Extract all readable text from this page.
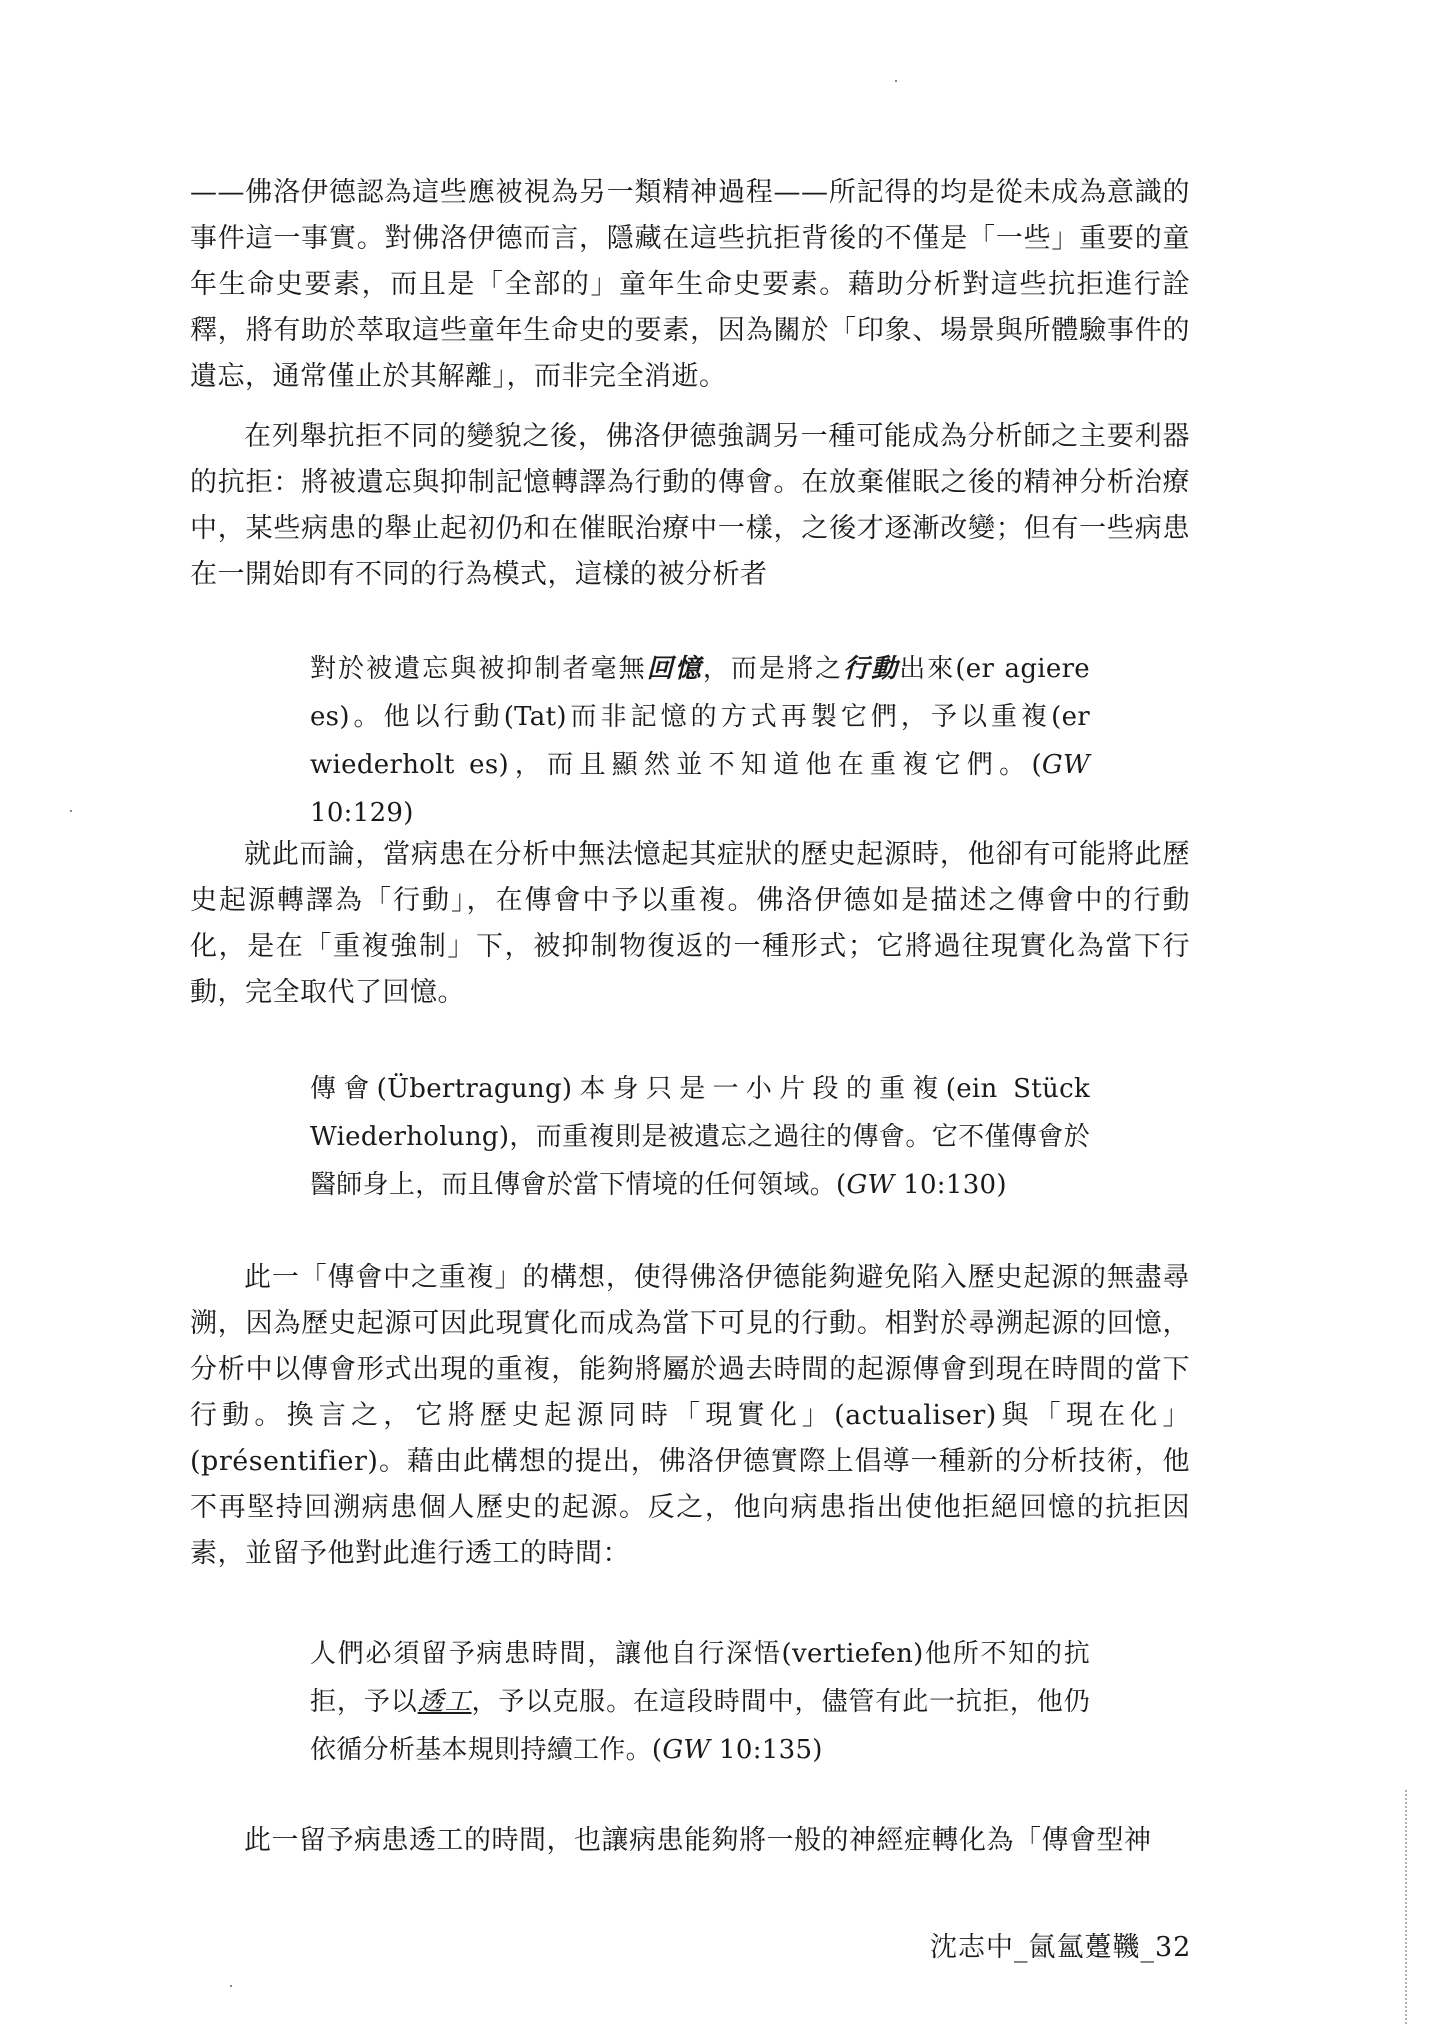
——佛洛伊德認為這些應被視為另一類精神過程——所記得的均是從未成為意識的事件這一事實。對佛洛伊德而言，隱藏在這些抗拒背後的不僅是「一些」重要的童年生命史要素，而且是「全部的」童年生命史要素。藉助分析對這些抗拒進行詮釋，將有助於萃取這些童年生命史的要素，因為關於「印象、場景與所體驗事件的遺忘，通常僅止於其解離」，而非完全消逝。

在列舉抗拒不同的變貌之後，佛洛伊德強調另一種可能成為分析師之主要利器的抗拒：將被遺忘與抑制記憶轉譯為行動的傳會。在放棄催眠之後的精神分析治療中，某些病患的舉止起初仍和在催眠治療中一樣，之後才逐漸改變；但有一些病患在一開始即有不同的行為模式，這樣的被分析者

對於被遺忘與被抑制者毫無回憶，而是將之行動出來(er agiere es)。他以行動(Tat)而非記憶的方式再製它們，予以重複(er wiederholt es)，而且顯然並不知道他在重複它們。(GW 10:129)

就此而論，當病患在分析中無法憶起其症狀的歷史起源時，他卻有可能將此歷史起源轉譯為「行動」，在傳會中予以重複。佛洛伊德如是描述之傳會中的行動化，是在「重複強制」下，被抑制物復返的一種形式；它將過往現實化為當下行動，完全取代了回憶。

傳會(Übertragung)本身只是一小片段的重複(ein Stück Wiederholung)，而重複則是被遺忘之過往的傳會。它不僅傳會於醫師身上，而且傳會於當下情境的任何領域。(GW 10:130)

此一「傳會中之重複」的構想，使得佛洛伊德能夠避免陷入歷史起源的無盡尋溯，因為歷史起源可因此現實化而成為當下可見的行動。相對於尋溯起源的回憶，分析中以傳會形式出現的重複，能夠將屬於過去時間的起源傳會到現在時間的當下行動。換言之，它將歷史起源同時「現實化」(actualiser)與「現在化」(présentifier)。藉由此構想的提出，佛洛伊德實際上倡導一種新的分析技術，他不再堅持回溯病患個人歷史的起源。反之，他向病患指出使他拒絕回憶的抗拒因素，並留予他對此進行透工的時間：

人們必須留予病患時間，讓他自行深悟(vertiefen)他所不知的抗拒，予以透工，予以克服。在這段時間中，儘管有此一抗拒，他仍依循分析基本規則持續工作。(GW 10:135)

此一留予病患透工的時間，也讓病患能夠將一般的神經症轉化為「傳會型神

沈志中_氤氳躉鞿_32
